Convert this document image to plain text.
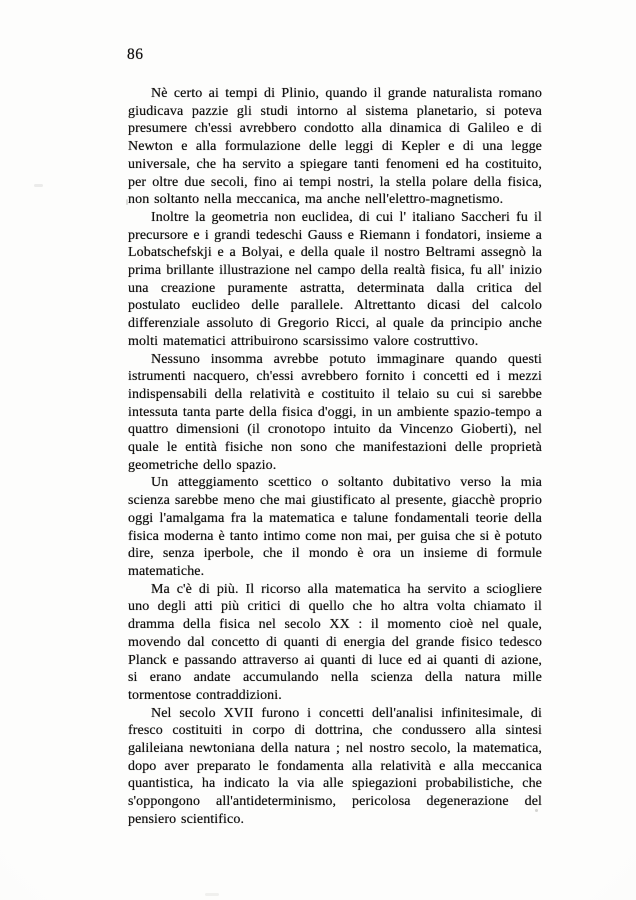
86

Nè certo ai tempi di Plinio, quando il grande naturalista romano giudicava pazzie gli studi intorno al sistema planetario, si poteva presumere ch'essi avrebbero condotto alla dinamica di Galileo e di Newton e alla formulazione delle leggi di Kepler e di una legge universale, che ha servito a spiegare tanti fenomeni ed ha costituito, per oltre due secoli, fino ai tempi nostri, la stella polare della fisica, non soltanto nella meccanica, ma anche nell'elettro-magnetismo.

Inoltre la geometria non euclidea, di cui l' italiano Saccheri fu il precursore e i grandi tedeschi Gauss e Riemann i fondatori, insieme a Lobatschefskji e a Bolyai, e della quale il nostro Beltrami assegnò la prima brillante illustrazione nel campo della realtà fisica, fu all' inizio una creazione puramente astratta, determinata dalla critica del postulato euclideo delle parallele. Altrettanto dicasi del calcolo differenziale assoluto di Gregorio Ricci, al quale da principio anche molti matematici attribuirono scarsissimo valore costruttivo.

Nessuno insomma avrebbe potuto immaginare quando questi istrumenti nacquero, ch'essi avrebbero fornito i concetti ed i mezzi indispensabili della relatività e costituito il telaio su cui si sarebbe intessuta tanta parte della fisica d'oggi, in un ambiente spazio-tempo a quattro dimensioni (il cronotopo intuito da Vincenzo Gioberti), nel quale le entità fisiche non sono che manifestazioni delle proprietà geometriche dello spazio.

Un atteggiamento scettico o soltanto dubitativo verso la mia scienza sarebbe meno che mai giustificato al presente, giacchè proprio oggi l'amalgama fra la matematica e talune fondamentali teorie della fisica moderna è tanto intimo come non mai, per guisa che si è potuto dire, senza iperbole, che il mondo è ora un insieme di formule matematiche.

Ma c'è di più. Il ricorso alla matematica ha servito a sciogliere uno degli atti più critici di quello che ho altra volta chiamato il dramma della fisica nel secolo XX : il momento cioè nel quale, movendo dal concetto di quanti di energia del grande fisico tedesco Planck e passando attraverso ai quanti di luce ed ai quanti di azione, si erano andate accumulando nella scienza della natura mille tormentose contraddizioni.

Nel secolo XVII furono i concetti dell'analisi infinitesimale, di fresco costituiti in corpo di dottrina, che condussero alla sintesi galileiana newtoniana della natura ; nel nostro secolo, la matematica, dopo aver preparato le fondamenta alla relatività e alla meccanica quantistica, ha indicato la via alle spiegazioni probabilistiche, che s'oppongono all'antideterminismo, pericolosa degenerazione del pensiero scientifico.
